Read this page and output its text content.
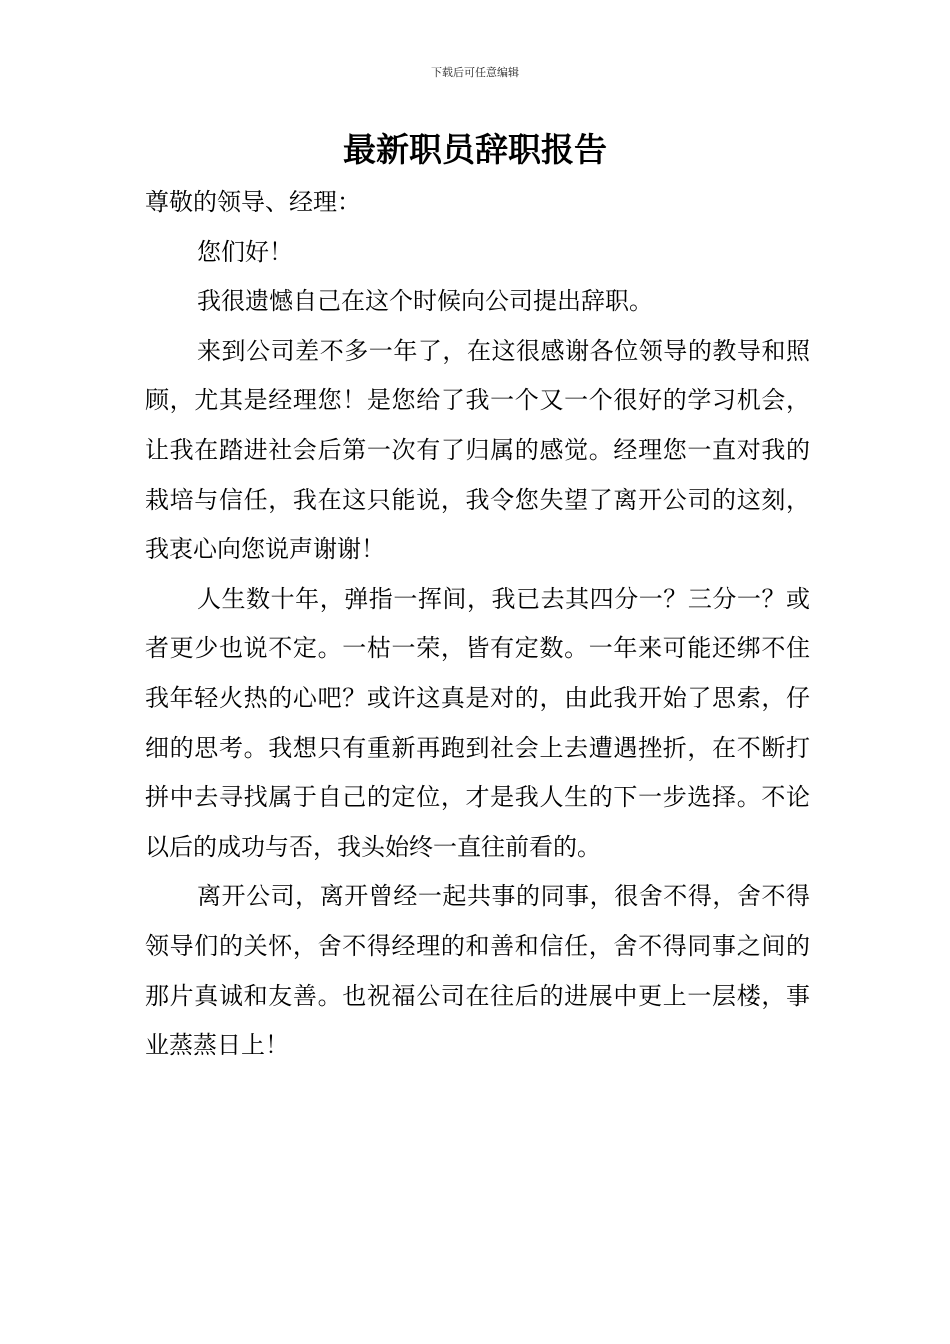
下载后可任意编辑
最新职员辞职报告

尊敬的领导、经理：

您们好！

我很遗憾自己在这个时候向公司提出辞职。

来到公司差不多一年了，在这很感谢各位领导的教导和照顾，尤其是经理您！是您给了我一个又一个很好的学习机会，让我在踏进社会后第一次有了归属的感觉。经理您一直对我的栽培与信任，我在这只能说，我令您失望了离开公司的这刻，我衷心向您说声谢谢！

人生数十年，弹指一挥间，我已去其四分一？三分一？或者更少也说不定。一枯一荣，皆有定数。一年来可能还绑不住我年轻火热的心吧？或许这真是对的，由此我开始了思索，仔细的思考。我想只有重新再跑到社会上去遭遇挫折，在不断打拼中去寻找属于自己的定位，才是我人生的下一步选择。不论以后的成功与否，我头始终一直往前看的。

离开公司，离开曾经一起共事的同事，很舍不得，舍不得领导们的关怀，舍不得经理的和善和信任，舍不得同事之间的那片真诚和友善。也祝福公司在往后的进展中更上一层楼，事业蒸蒸日上！
